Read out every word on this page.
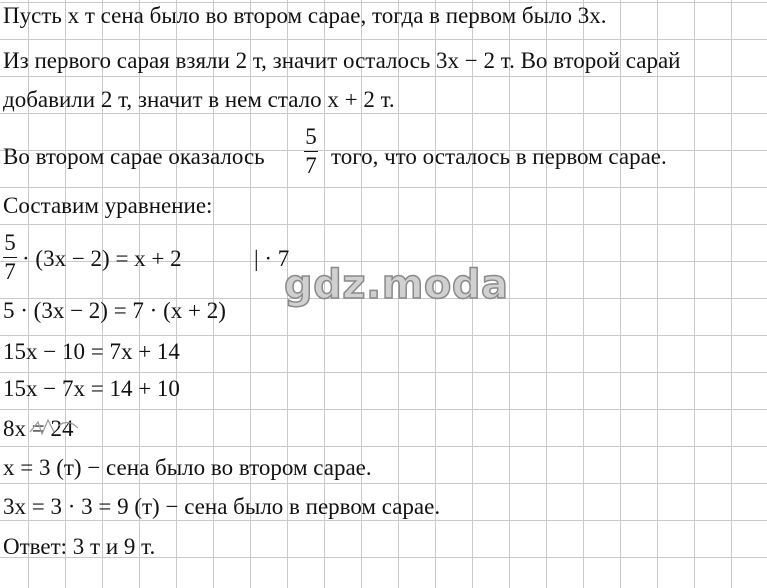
Пусть x т сена было во втором сарае, тогда в первом было 3x.
Из первого сарая взяли 2 т, значит осталось 3x − 2 т. Во второй сарай
добавили 2 т, значит в нем стало x + 2 т.
Во втором сарае оказалось
5
7 того, что осталось в первом сарае.
Составим уравнение:
5
7
· (3x − 2) = x + 2	| · 7
5 · (3x − 2) = 7 · (x + 2)
15x − 10 = 7x + 14
15x − 7x = 14 + 10
8x = 24
x = 3 (т) − сена было во втором сарае.
3x = 3 · 3 = 9 (т) − сена было в первом сарае.
Ответ: 3 т и 9 т.
gdz.moda
